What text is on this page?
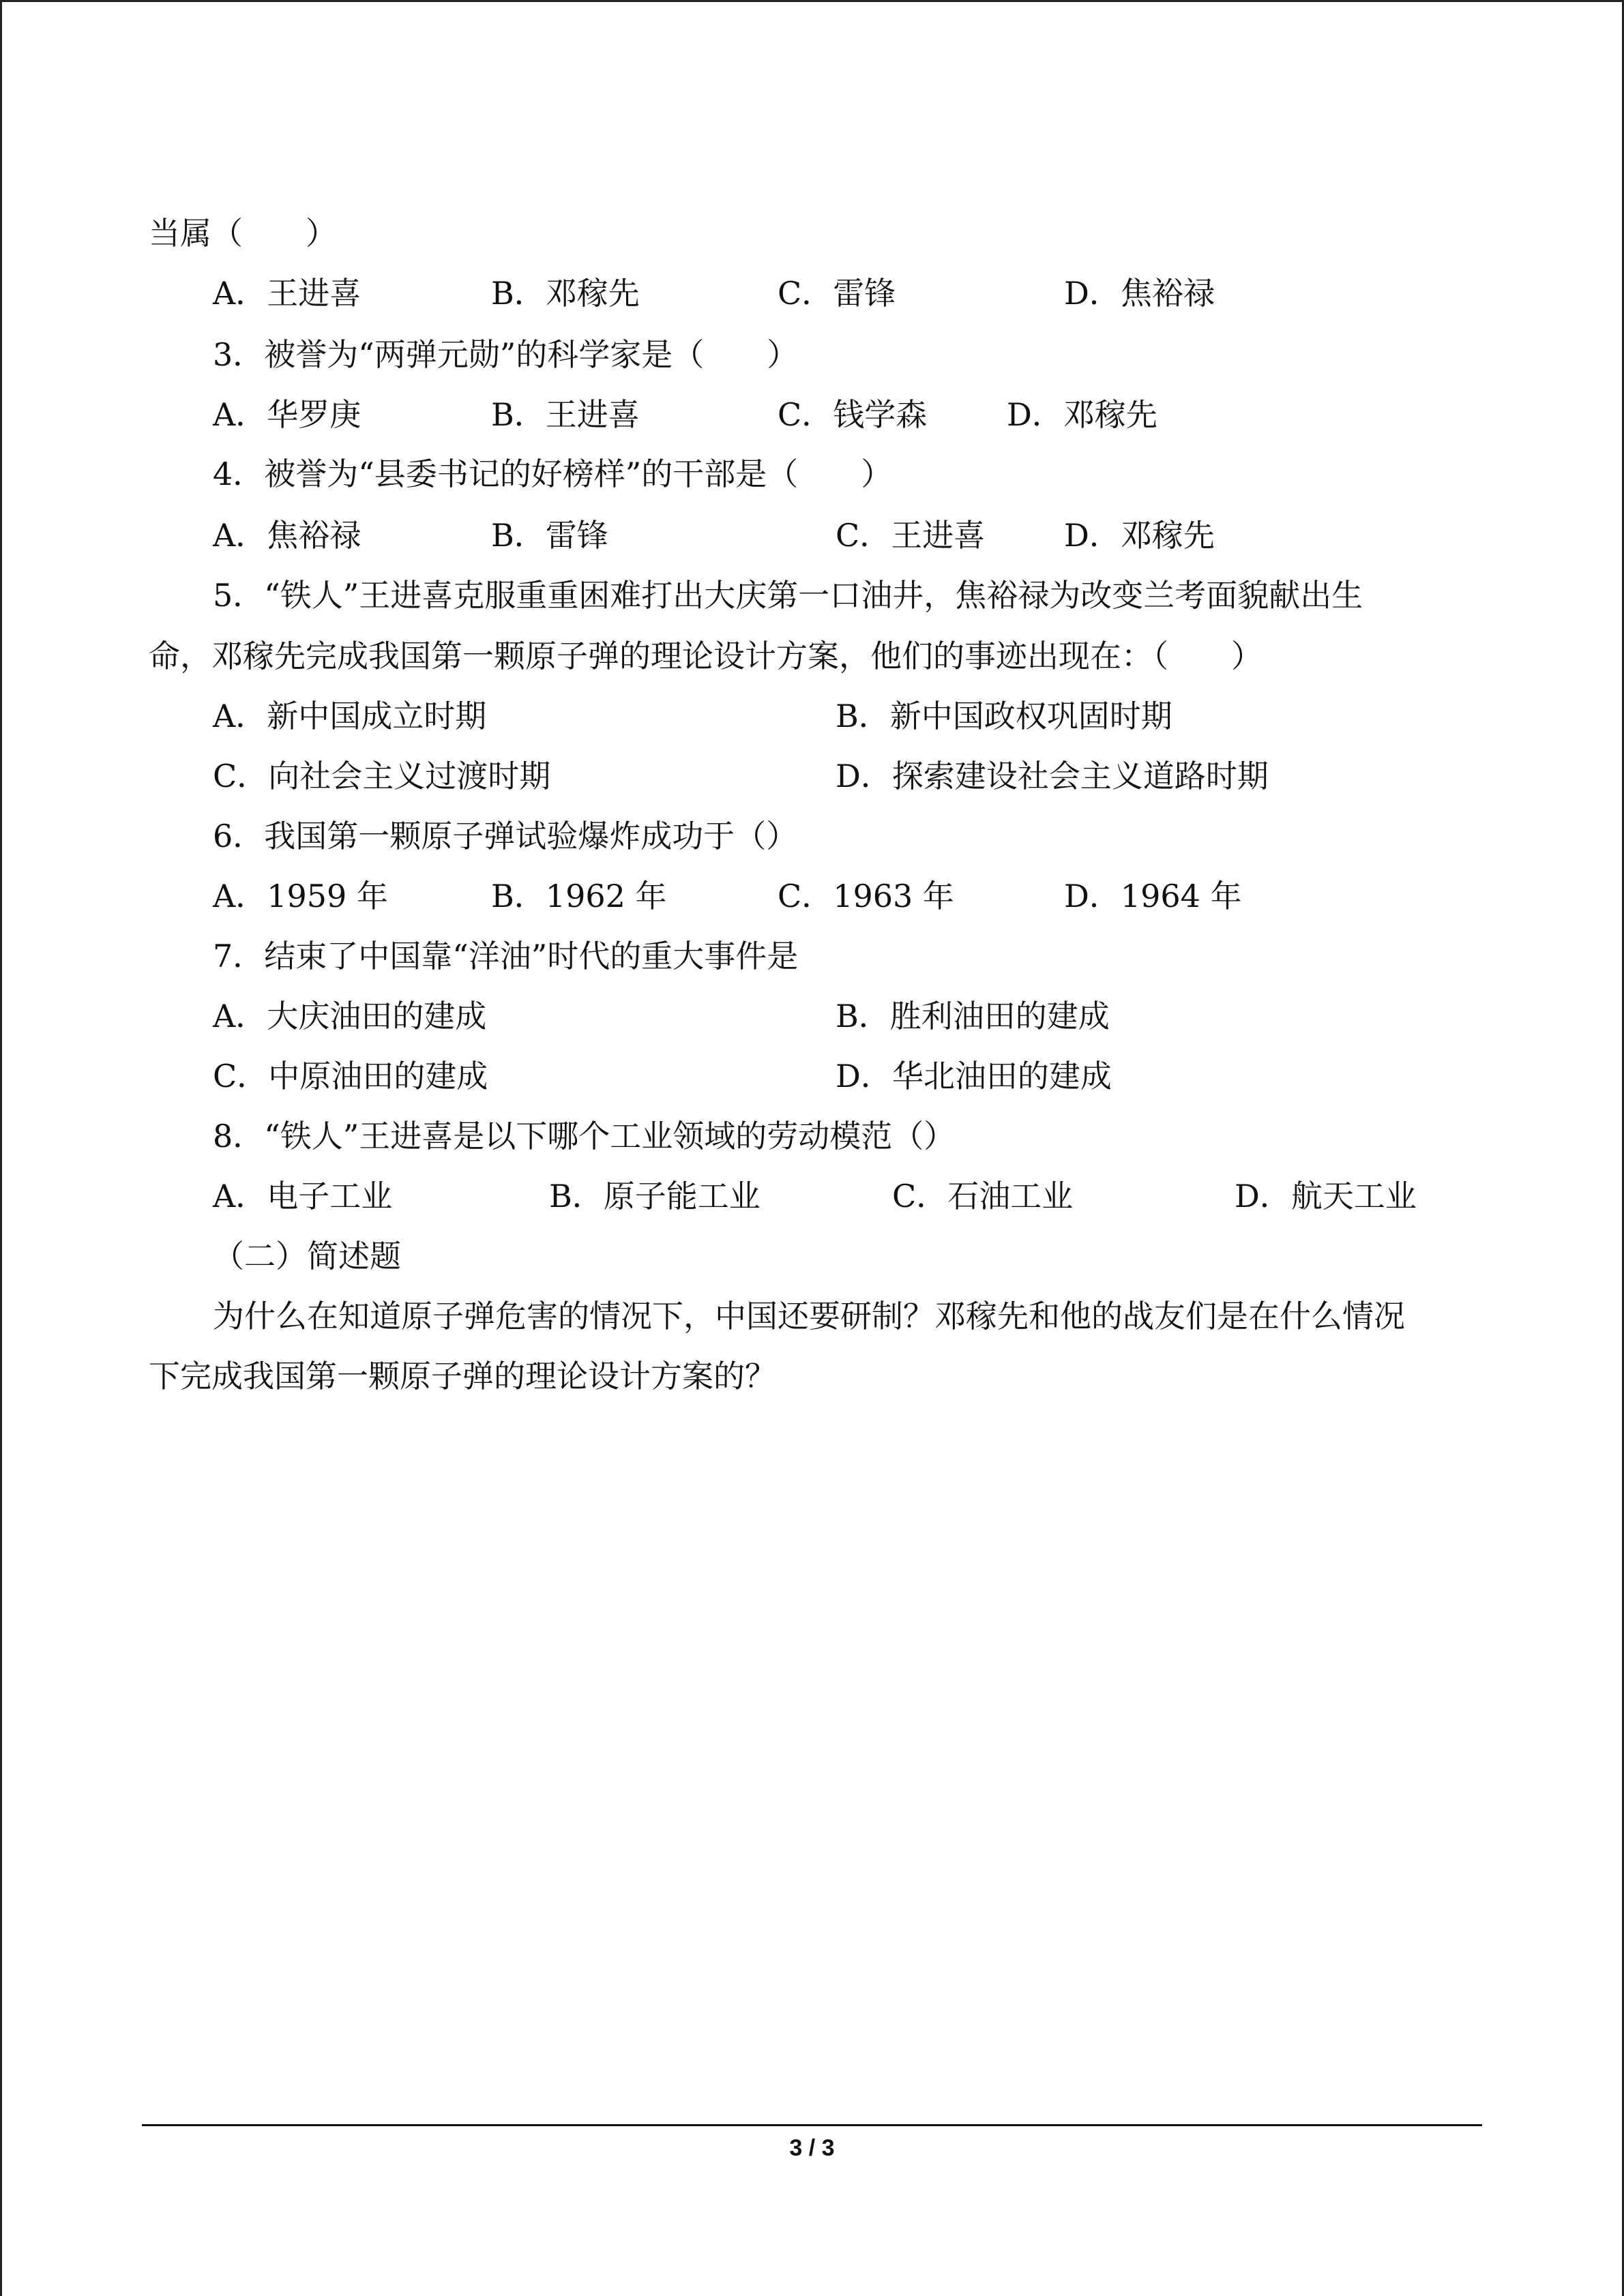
当属（　　）
A．王进喜	B．邓稼先	C．雷锋	D．焦裕禄
3．被誉为“两弹元勋”的科学家是（　　）
A．华罗庚	B．王进喜	C．钱学森	D．邓稼先
4．被誉为“县委书记的好榜样”的干部是（　　）
A．焦裕禄	B．雷锋	C．王进喜	D．邓稼先
5．“铁人”王进喜克服重重困难打出大庆第一口油井，焦裕禄为改变兰考面貌献出生
命，邓稼先完成我国第一颗原子弹的理论设计方案，他们的事迹出现在：（　　）
A．新中国成立时期	B．新中国政权巩固时期
C．向社会主义过渡时期	D．探索建设社会主义道路时期
6．我国第一颗原子弹试验爆炸成功于（）
A．1959 年	B．1962 年	C．1963 年	D．1964 年
7．结束了中国靠“洋油”时代的重大事件是
A．大庆油田的建成	B．胜利油田的建成
C．中原油田的建成	D．华北油田的建成
8．“铁人”王进喜是以下哪个工业领域的劳动模范（）
A．电子工业	B．原子能工业	C．石油工业	D．航天工业
（二）简述题
为什么在知道原子弹危害的情况下，中国还要研制？邓稼先和他的战友们是在什么情况
下完成我国第一颗原子弹的理论设计方案的？
3 / 3
